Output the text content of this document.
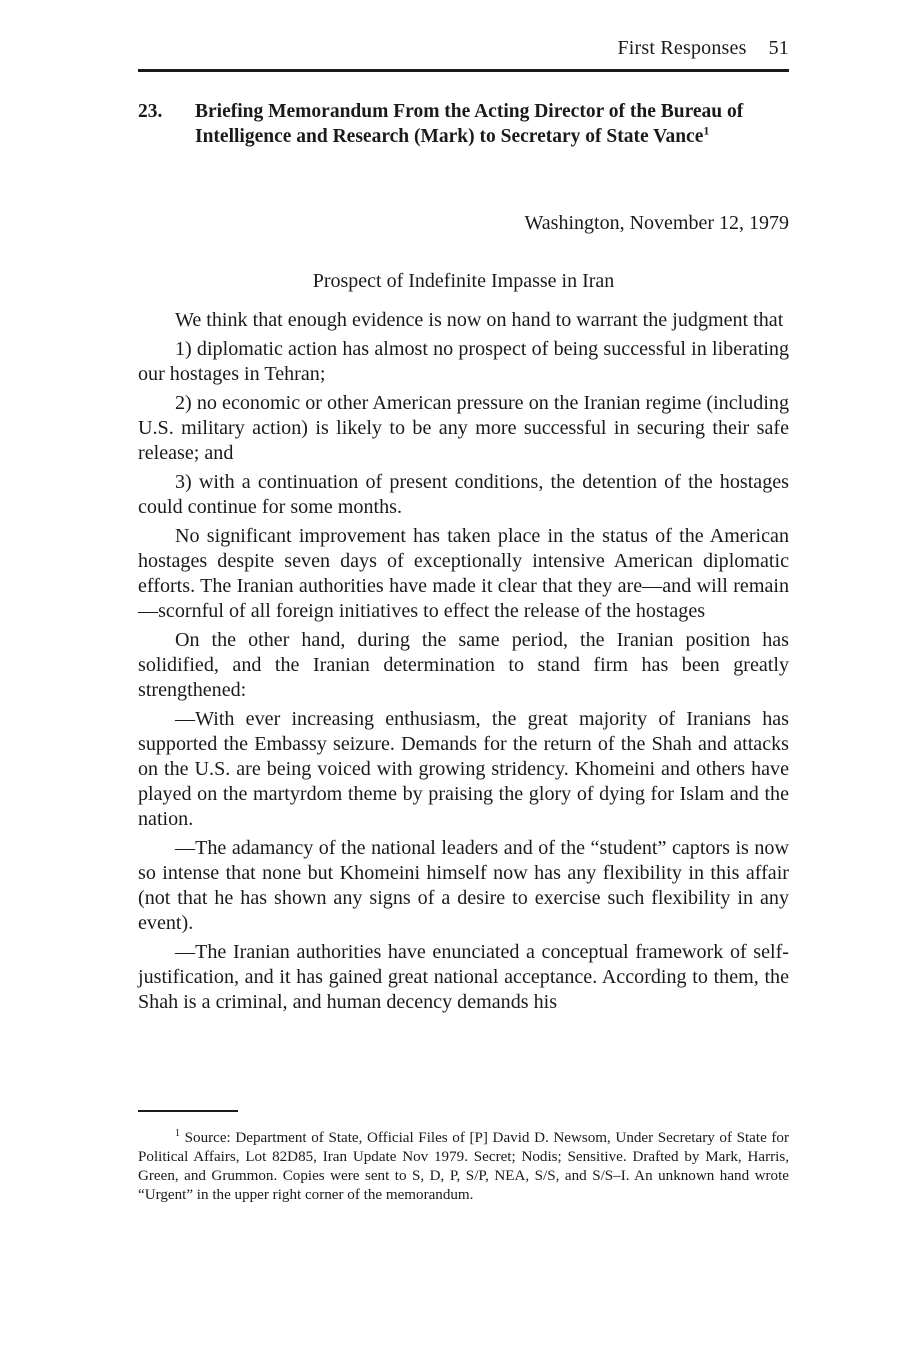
First Responses 51
23. Briefing Memorandum From the Acting Director of the Bureau of Intelligence and Research (Mark) to Secretary of State Vance$^1$
Washington, November 12, 1979
Prospect of Indefinite Impasse in Iran

We think that enough evidence is now on hand to warrant the judgment that

1) diplomatic action has almost no prospect of being successful in liberating our hostages in Tehran;

2) no economic or other American pressure on the Iranian regime (including U.S. military action) is likely to be any more successful in securing their safe release; and

3) with a continuation of present conditions, the detention of the hostages could continue for some months.

No significant improvement has taken place in the status of the American hostages despite seven days of exceptionally intensive American diplomatic efforts. The Iranian authorities have made it clear that they are—and will remain—scornful of all foreign initiatives to effect the release of the hostages

On the other hand, during the same period, the Iranian position has solidified, and the Iranian determination to stand firm has been greatly strengthened:

—With ever increasing enthusiasm, the great majority of Iranians has supported the Embassy seizure. Demands for the return of the Shah and attacks on the U.S. are being voiced with growing stridency. Khomeini and others have played on the martyrdom theme by praising the glory of dying for Islam and the nation.

—The adamancy of the national leaders and of the “student” captors is now so intense that none but Khomeini himself now has any flexibility in this affair (not that he has shown any signs of a desire to exercise such flexibility in any event).

—The Iranian authorities have enunciated a conceptual framework of self-justification, and it has gained great national acceptance. According to them, the Shah is a criminal, and human decency demands his

$^1$ Source: Department of State, Official Files of [P] David D. Newsom, Under Secretary of State for Political Affairs, Lot 82D85, Iran Update Nov 1979. Secret; Nodis; Sensitive. Drafted by Mark, Harris, Green, and Grummon. Copies were sent to S, D, P, S/P, NEA, S/S, and S/S–I. An unknown hand wrote “Urgent” in the upper right corner of the memorandum.
